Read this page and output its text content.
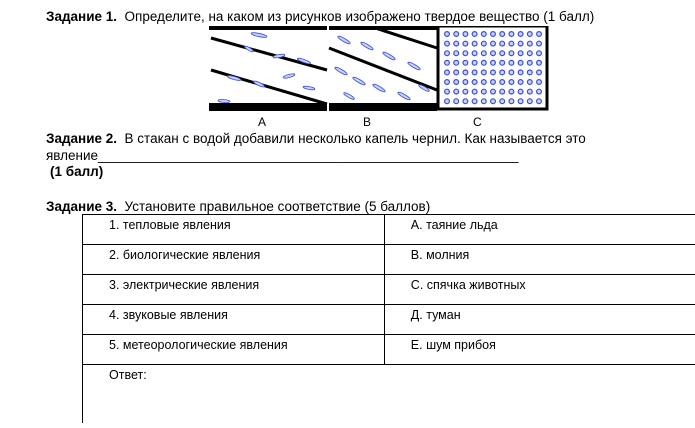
Задание 1. Определите, на каком из рисунков изображено твердое вещество (1 балл)
А	В	С
Задание 2. В стакан с водой добавили несколько капель чернил. Как называется это
явление________________________________________________________
(1 балл)
Задание 3. Установите правильное соответствие (5 баллов)
1. тепловые явления	А. таяние льда

2. биологические явления	В. молния

3. электрические явления	С. спячка животных

4. звуковые явления	Д. туман

5. метеорологические явления	Е. шум прибоя

Ответ:	
